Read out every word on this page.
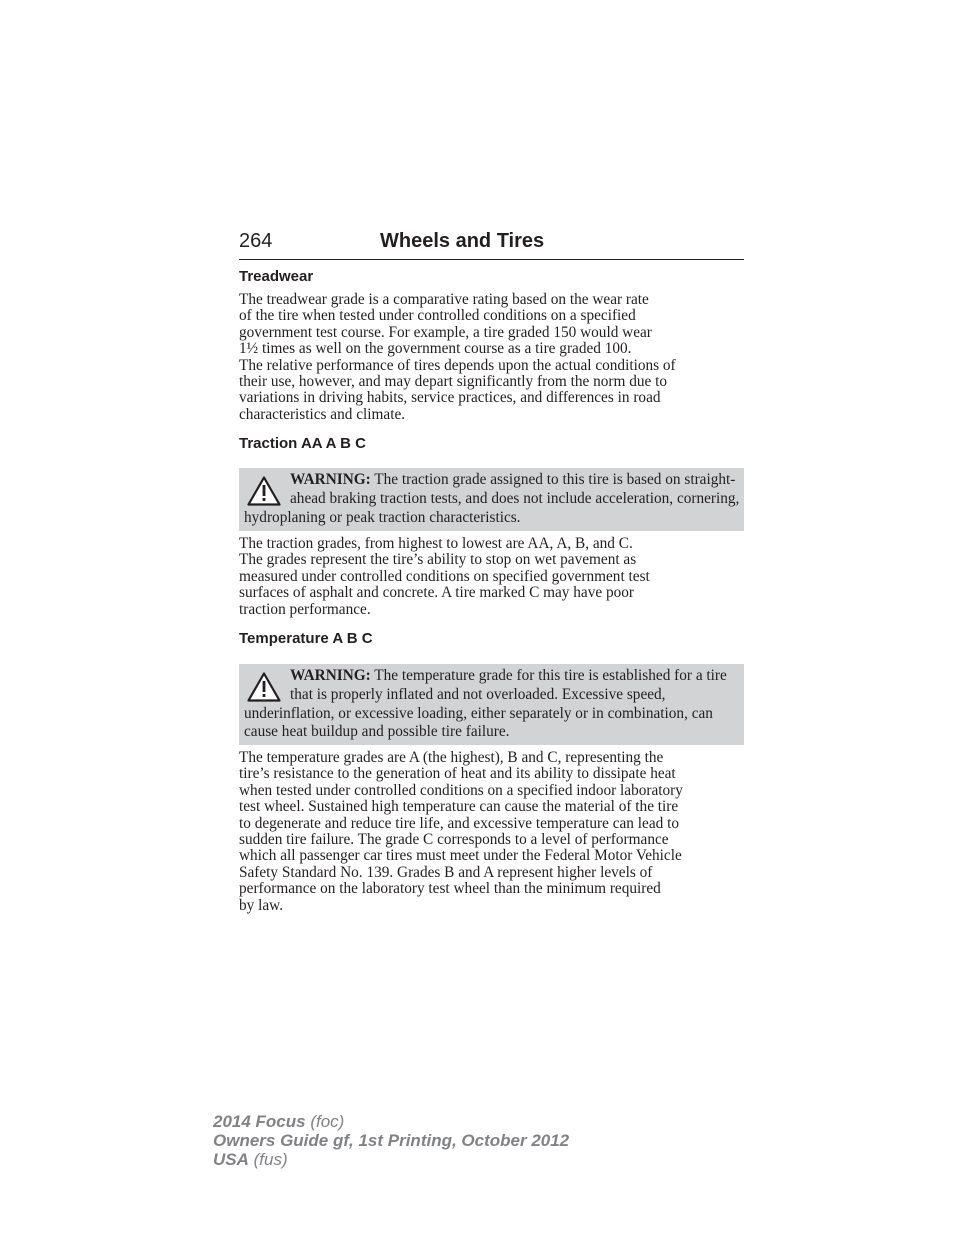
264	Wheels and Tires
Treadwear

The treadwear grade is a comparative rating based on the wear rate
of the tire when tested under controlled conditions on a specified
government test course. For example, a tire graded 150 would wear
1½ times as well on the government course as a tire graded 100.
The relative performance of tires depends upon the actual conditions of
their use, however, and may depart significantly from the norm due to
variations in driving habits, service practices, and differences in road
characteristics and climate.

Traction AA A B C

WARNING: The traction grade assigned to this tire is based on straight-ahead braking traction tests, and does not include acceleration, cornering, hydroplaning or peak traction characteristics.

The traction grades, from highest to lowest are AA, A, B, and C.
The grades represent the tire’s ability to stop on wet pavement as
measured under controlled conditions on specified government test
surfaces of asphalt and concrete. A tire marked C may have poor
traction performance.

Temperature A B C

WARNING: The temperature grade for this tire is established for a tire that is properly inflated and not overloaded. Excessive speed, underinflation, or excessive loading, either separately or in combination, can cause heat buildup and possible tire failure.

The temperature grades are A (the highest), B and C, representing the
tire’s resistance to the generation of heat and its ability to dissipate heat
when tested under controlled conditions on a specified indoor laboratory
test wheel. Sustained high temperature can cause the material of the tire
to degenerate and reduce tire life, and excessive temperature can lead to
sudden tire failure. The grade C corresponds to a level of performance
which all passenger car tires must meet under the Federal Motor Vehicle
Safety Standard No. 139. Grades B and A represent higher levels of
performance on the laboratory test wheel than the minimum required
by law.

2014 Focus (foc)
Owners Guide gf, 1st Printing, October 2012
USA (fus)
